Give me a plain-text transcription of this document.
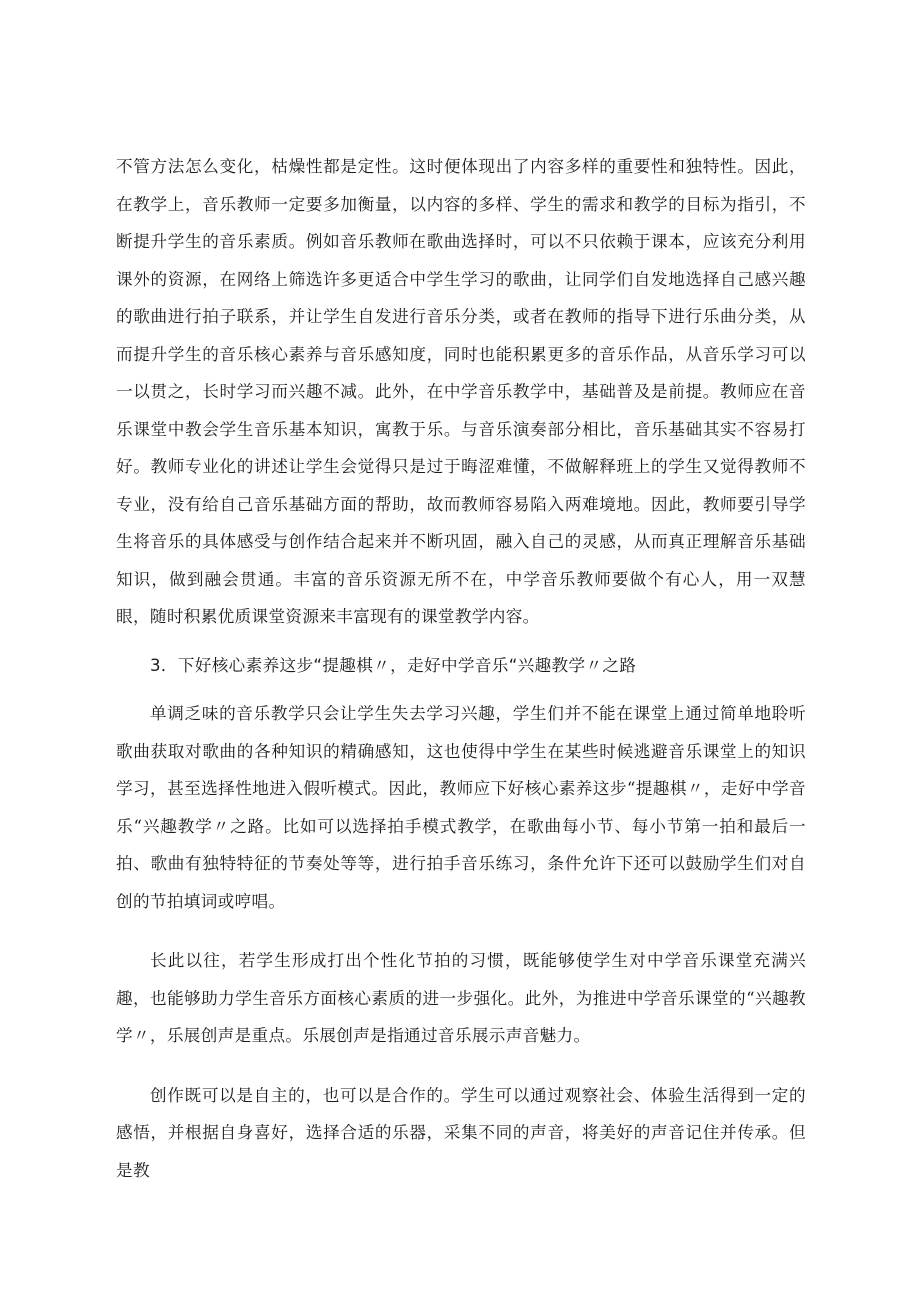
不管方法怎么变化，枯燥性都是定性。这时便体现出了内容多样的重要性和独特性。因此，在教学上，音乐教师一定要多加衡量，以内容的多样、学生的需求和教学的目标为指引，不断提升学生的音乐素质。例如音乐教师在歌曲选择时，可以不只依赖于课本，应该充分利用课外的资源，在网络上筛选许多更适合中学生学习的歌曲，让同学们自发地选择自己感兴趣的歌曲进行拍子联系，并让学生自发进行音乐分类，或者在教师的指导下进行乐曲分类，从而提升学生的音乐核心素养与音乐感知度，同时也能积累更多的音乐作品，从音乐学习可以一以贯之，长时学习而兴趣不减。此外，在中学音乐教学中，基础普及是前提。教师应在音乐课堂中教会学生音乐基本知识，寓教于乐。与音乐演奏部分相比，音乐基础其实不容易打好。教师专业化的讲述让学生会觉得只是过于晦涩难懂，不做解释班上的学生又觉得教师不专业，没有给自己音乐基础方面的帮助，故而教师容易陷入两难境地。因此，教师要引导学生将音乐的具体感受与创作结合起来并不断巩固，融入自己的灵感，从而真正理解音乐基础知识，做到融会贯通。丰富的音乐资源无所不在，中学音乐教师要做个有心人，用一双慧眼，随时积累优质课堂资源来丰富现有的课堂教学内容。

3．下好核心素养这步“提趣棋〃，走好中学音乐“兴趣教学〃之路

单调乏味的音乐教学只会让学生失去学习兴趣，学生们并不能在课堂上通过简单地聆听歌曲获取对歌曲的各种知识的精确感知，这也使得中学生在某些时候逃避音乐课堂上的知识学习，甚至选择性地进入假听模式。因此，教师应下好核心素养这步“提趣棋〃，走好中学音乐“兴趣教学〃之路。比如可以选择拍手模式教学，在歌曲每小节、每小节第一拍和最后一拍、歌曲有独特特征的节奏处等等，进行拍手音乐练习，条件允许下还可以鼓励学生们对自创的节拍填词或哼唱。

长此以往，若学生形成打出个性化节拍的习惯，既能够使学生对中学音乐课堂充满兴趣，也能够助力学生音乐方面核心素质的进一步强化。此外，为推进中学音乐课堂的“兴趣教学〃，乐展创声是重点。乐展创声是指通过音乐展示声音魅力。

创作既可以是自主的，也可以是合作的。学生可以通过观察社会、体验生活得到一定的感悟，并根据自身喜好，选择合适的乐器，采集不同的声音，将美好的声音记住并传承。但是教
